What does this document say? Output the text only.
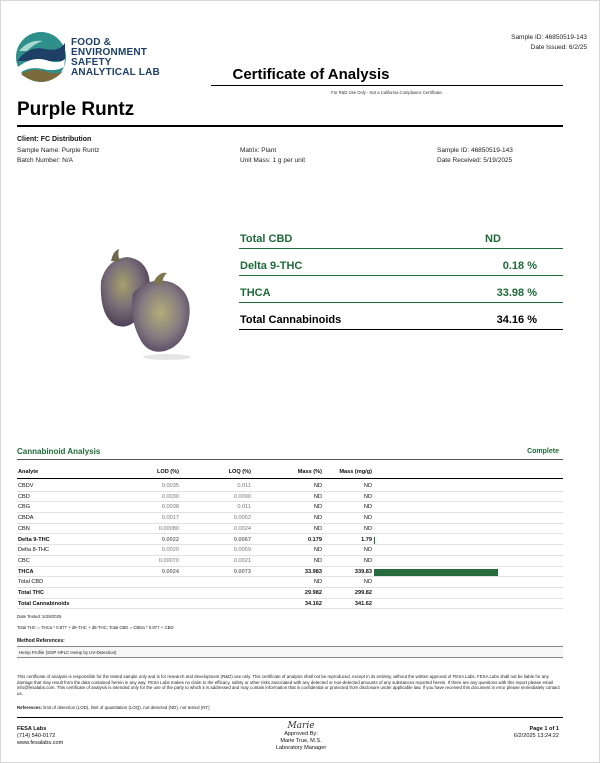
FOOD &
ENVIRONMENT
SAFETY
ANALYTICAL LAB
Sample ID: 46850519-143
Date Issued: 6/2/25
Certificate of Analysis
For R&D Use Only - Not a California Compliance Certificate.
Purple Runtz
Client: FC Distribution
Sample Name: Purple Runtz
Batch Number: N/A
Matrix: Plant
Unit Mass: 1 g per unit
Sample ID: 46850519-143
Date Received: 5/19/2025
Total CBD	ND
Delta 9-THC	0.18 %
THCA	33.98 %
Total Cannabinoids	34.16 %
Cannabinoid Analysis	Complete
Analyte	LOD (%)	LOQ (%)	Mass (%)	Mass (mg/g)
CBDV	0.0035	0.011	ND	ND
CBD	0.0030	0.0090	ND	ND
CBG	0.0038	0.011	ND	ND
CBDA	0.0017	0.0052	ND	ND
CBN	0.00080	0.0024	ND	ND
Delta 9-THC	0.0022	0.0067	0.179	1.79
Delta 8-THC	0.0020	0.0059	ND	ND
CBC	0.00070	0.0021	ND	ND
THCA	0.0024	0.0073	33.983	339.83
Total CBD	ND	ND
Total THC	29.982	299.82
Total Cannabinoids	34.162	341.62
Date Tested: 5/29/2025
Total THC = THCa * 0.877 + d9-THC + d8-THC; Total CBD = CBDa * 0.877 + CBD
Method References:
Hemp Profile (SOP HPLC Hemp by UV-Detection)
This certificate of analysis is responsible for the tested sample only and is for research and development (R&D) use only. This certificate of analysis shall not be reproduced, except in its entirety, without the written approval of FESA Labs. FESA Labs shall not be liable for any damage that may result from the data contained herein in any way. FESA Labs makes no claim to the efficacy, safety or other risks associated with any detected or non-detected amounts of any substances reported herein. If there are any questions with this report please email info@fesalabs.com. This certificate of analysis is intended only for the use of the party to which it is addressed and may contain information that is confidential or protected from disclosure under applicable law. If you have received this document in error please immediately contact us.
References: limit of detection (LOD), limit of quantitation (LOQ), not detected (ND), not tested (NT)
FESA Labs
(714) 540-0172
www.fesalabs.com
Marie
Approved By:
Marie True, M.S.
Laboratory Manager
Page 1 of 1
6/2/2025 13:24:22
